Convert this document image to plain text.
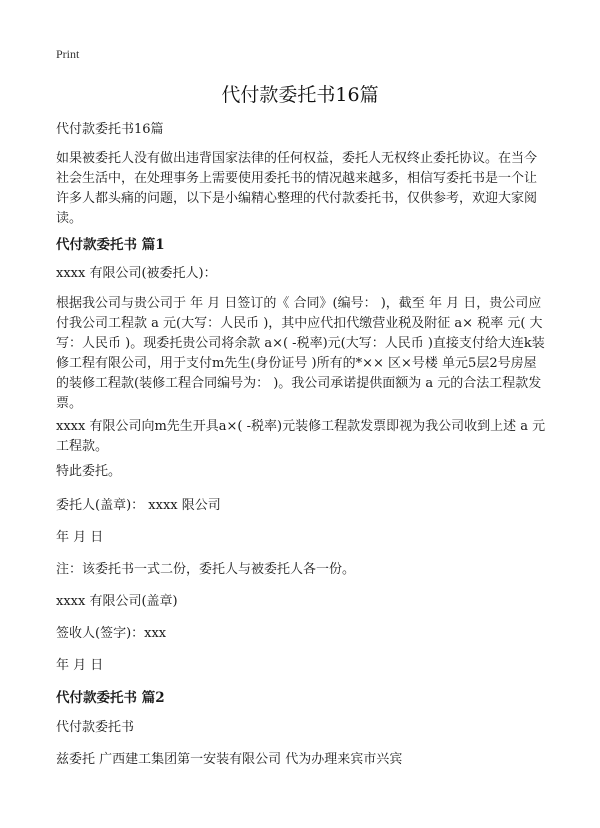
Print
代付款委托书16篇

代付款委托书16篇

如果被委托人没有做出违背国家法律的任何权益，委托人无权终止委托协议。在当今社会生活中，在处理事务上需要使用委托书的情况越来越多，相信写委托书是一个让许多人都头痛的问题，以下是小编精心整理的代付款委托书，仅供参考，欢迎大家阅读。

代付款委托书 篇1

xxxx 有限公司(被委托人)：

根据我公司与贵公司于 年 月 日签订的《 合同》(编号： )，截至 年 月 日，贵公司应付我公司工程款 a 元(大写：人民币 )，其中应代扣代缴营业税及附征 a× 税率 元( 大写：人民币 )。现委托贵公司将余款 a×( -税率)元(大写：人民币 )直接支付给大连k装修工程有限公司，用于支付m先生(身份证号 )所有的*×× 区×号楼 单元5层2号房屋的装修工程款(装修工程合同编号为： )。我公司承诺提供面额为 a 元的合法工程款发票。

xxxx 有限公司向m先生开具a×( -税率)元装修工程款发票即视为我公司收到上述 a 元工程款。

特此委托。

委托人(盖章)： xxxx 限公司

年 月 日

注：该委托书一式二份，委托人与被委托人各一份。

xxxx 有限公司(盖章)

签收人(签字)：xxx

年 月 日

代付款委托书 篇2

代付款委托书

兹委托 广西建工集团第一安装有限公司 代为办理来宾市兴宾
